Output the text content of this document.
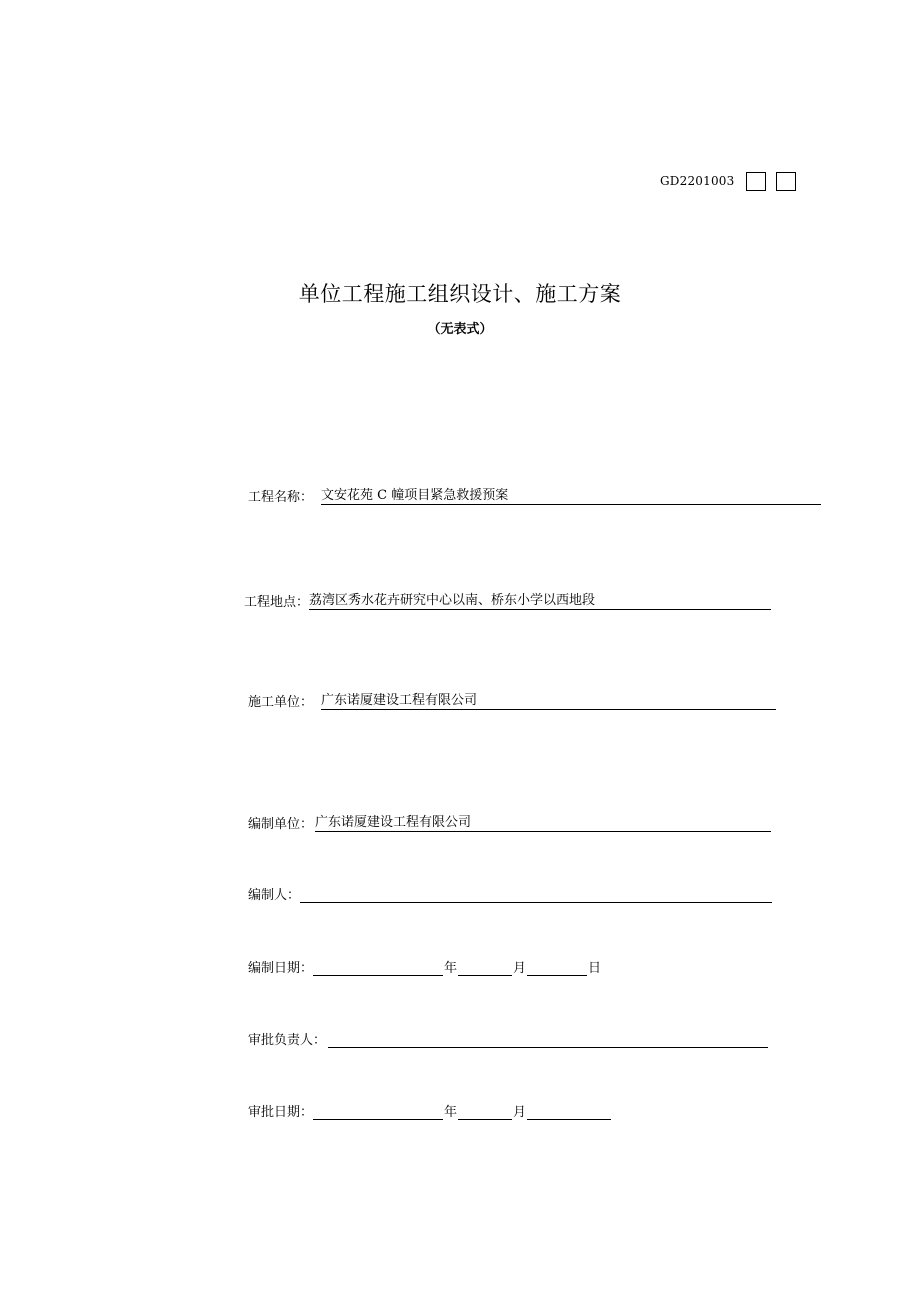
GD2201003
单位工程施工组织设计、施工方案
（无表式）
工程名称： 文安花苑 C 幢项目紧急救援预案
工程地点： 荔湾区秀水花卉研究中心以南、桥东小学以西地段
施工单位： 广东诺厦建设工程有限公司
编制单位： 广东诺厦建设工程有限公司
编制人：
编制日期：	年	月	日
审批负责人：
审批日期：	年	月
